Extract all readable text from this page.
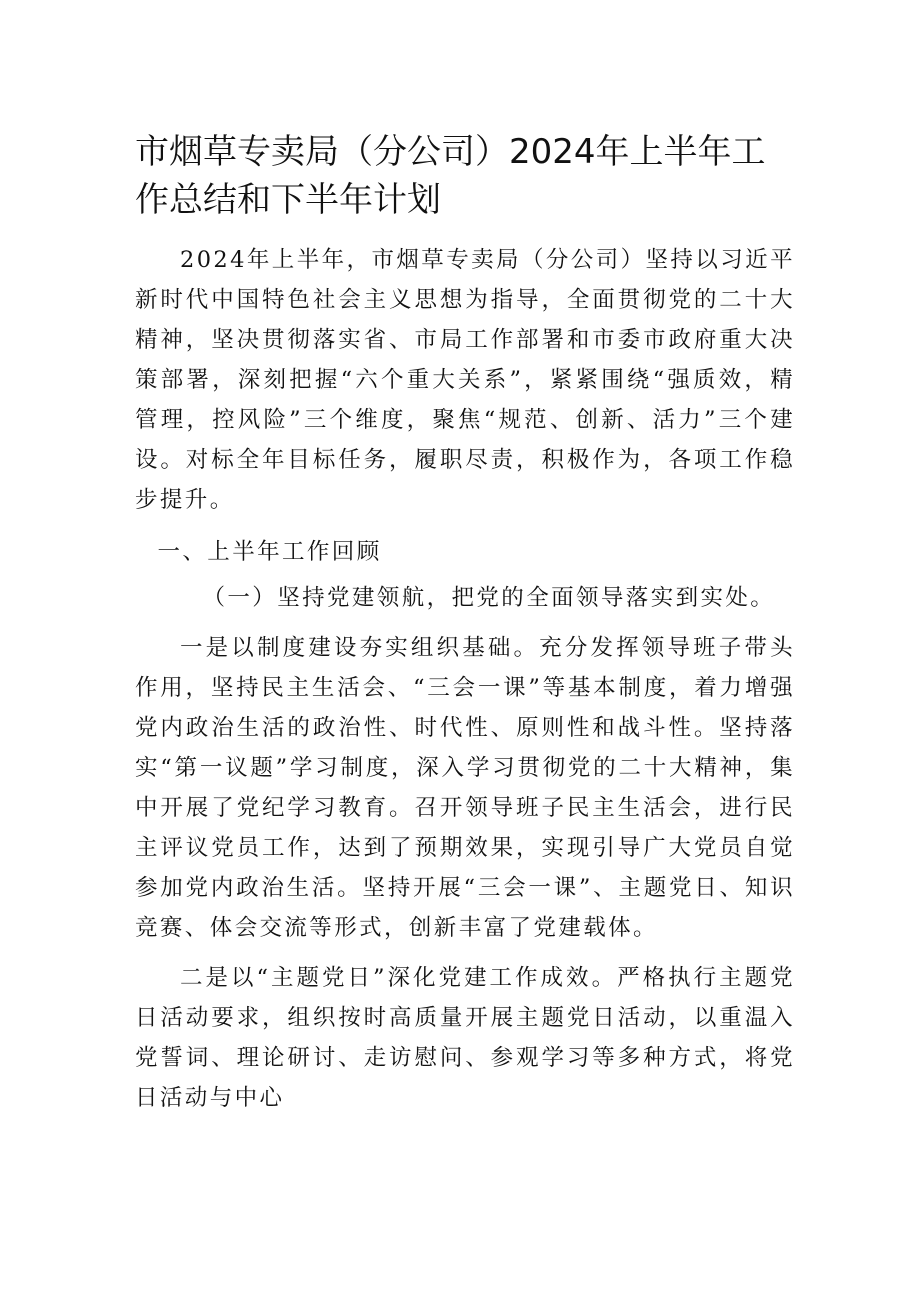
市烟草专卖局（分公司）2024年上半年工作总结和下半年计划

2024年上半年，市烟草专卖局（分公司）坚持以习近平新时代中国特色社会主义思想为指导，全面贯彻党的二十大精神，坚决贯彻落实省、市局工作部署和市委市政府重大决策部署，深刻把握“六个重大关系”，紧紧围绕“强质效，精管理，控风险”三个维度，聚焦“规范、创新、活力”三个建设。对标全年目标任务，履职尽责，积极作为，各项工作稳步提升。

一、上半年工作回顾

（一）坚持党建领航，把党的全面领导落实到实处。

一是以制度建设夯实组织基础。充分发挥领导班子带头作用，坚持民主生活会、“三会一课”等基本制度，着力增强党内政治生活的政治性、时代性、原则性和战斗性。坚持落实“第一议题”学习制度，深入学习贯彻党的二十大精神，集中开展了党纪学习教育。召开领导班子民主生活会，进行民主评议党员工作，达到了预期效果，实现引导广大党员自觉参加党内政治生活。坚持开展“三会一课”、主题党日、知识竞赛、体会交流等形式，创新丰富了党建载体。

二是以“主题党日”深化党建工作成效。严格执行主题党日活动要求，组织按时高质量开展主题党日活动，以重温入党誓词、理论研讨、走访慰问、参观学习等多种方式，将党日活动与中心
